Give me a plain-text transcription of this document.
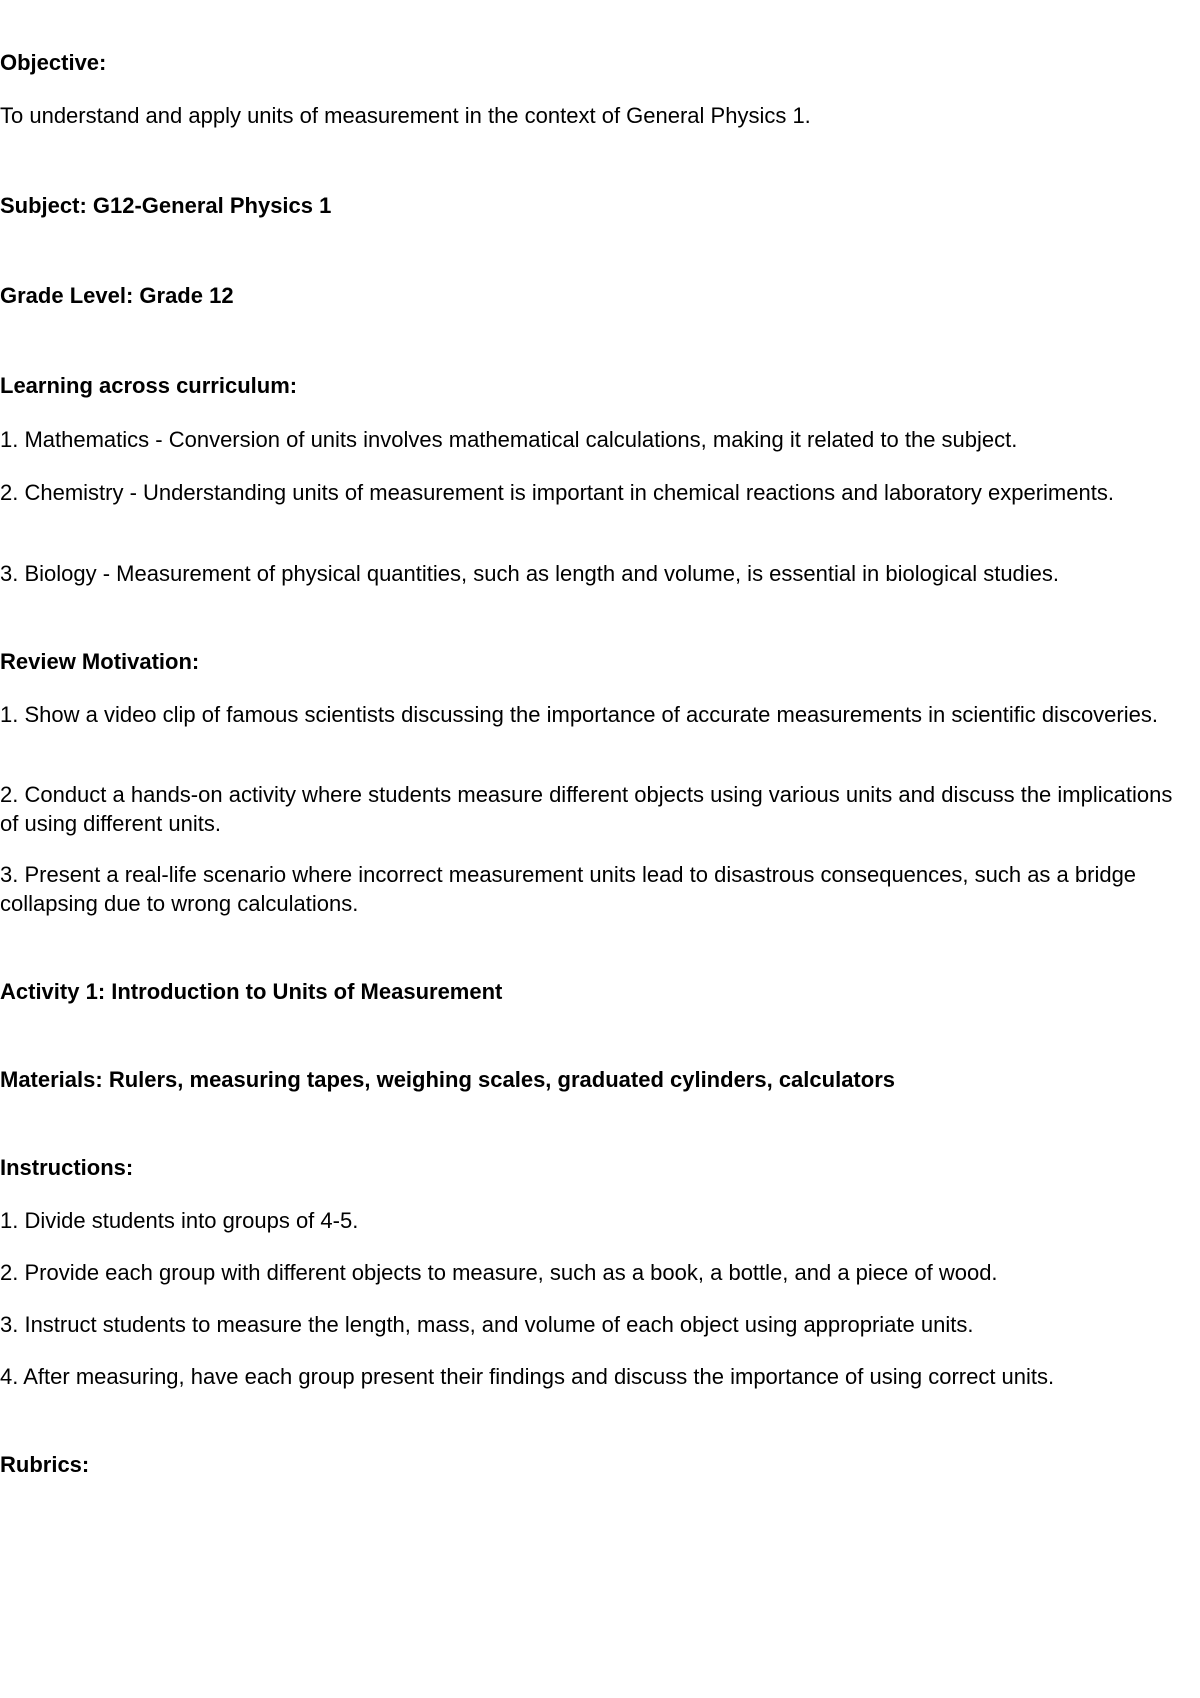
Objective:

To understand and apply units of measurement in the context of General Physics 1.

Subject: G12-General Physics 1
Grade Level: Grade 12
Learning across curriculum:

1. Mathematics - Conversion of units involves mathematical calculations, making it related to the subject.

2. Chemistry - Understanding units of measurement is important in chemical reactions and laboratory experiments.

3. Biology - Measurement of physical quantities, such as length and volume, is essential in biological studies.

Review Motivation:

1. Show a video clip of famous scientists discussing the importance of accurate measurements in scientific discoveries.

2. Conduct a hands-on activity where students measure different objects using various units and discuss the implications of using different units.

3. Present a real-life scenario where incorrect measurement units lead to disastrous consequences, such as a bridge collapsing due to wrong calculations.

Activity 1: Introduction to Units of Measurement
Materials: Rulers, measuring tapes, weighing scales, graduated cylinders, calculators
Instructions:

1. Divide students into groups of 4-5.

2. Provide each group with different objects to measure, such as a book, a bottle, and a piece of wood.

3. Instruct students to measure the length, mass, and volume of each object using appropriate units.

4. After measuring, have each group present their findings and discuss the importance of using correct units.

Rubrics:
